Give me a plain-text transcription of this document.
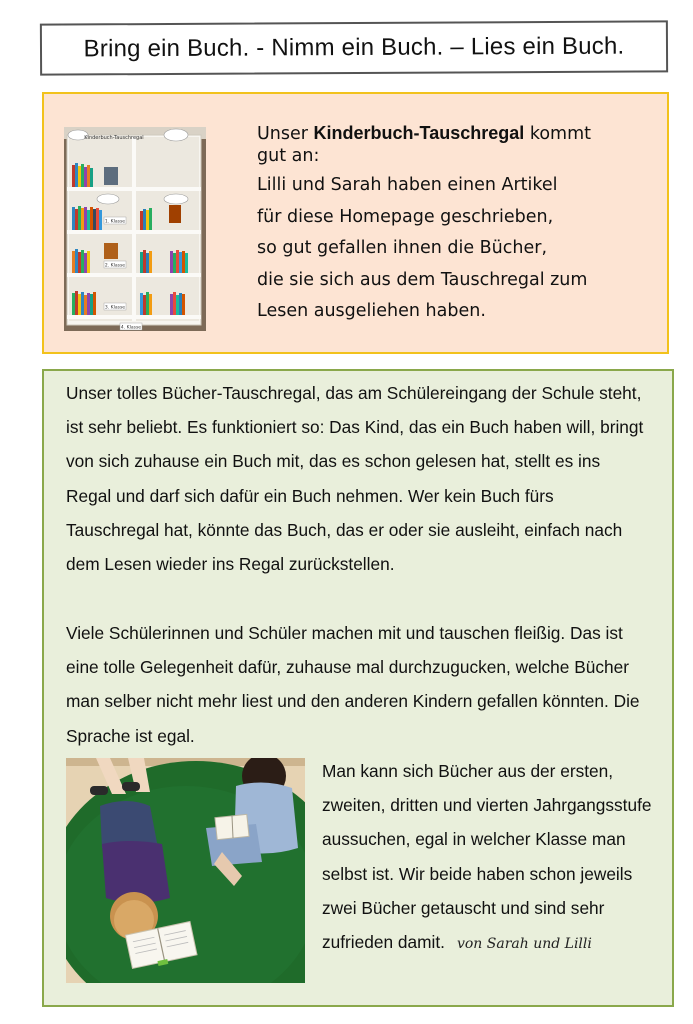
Bring ein Buch. - Nimm ein Buch. – Lies ein Buch.
Kinderbuch-Tauschregal
1. Klasse
2. Klasse
3. Klasse
4. Klasse
Unser Kinderbuch-Tauschregal kommt
gut an:
Lilli und Sarah haben einen Artikel
für diese Homepage geschrieben,
so gut gefallen ihnen die Bücher,
die sie sich aus dem Tauschregal zum
Lesen ausgeliehen haben.
Unser tolles Bücher-Tauschregal, das am Schülereingang der Schule steht, ist sehr beliebt. Es funktioniert so: Das Kind, das ein Buch haben will, bringt von sich zuhause ein Buch mit, das es schon gelesen hat, stellt es ins Regal und darf sich dafür ein Buch nehmen. Wer kein Buch fürs Tauschregal hat, könnte das Buch, das er oder sie ausleiht, einfach nach dem Lesen wieder ins Regal zurückstellen.
Viele Schülerinnen und Schüler machen mit und tauschen fleißig. Das ist eine tolle Gelegenheit dafür, zuhause mal durchzugucken, welche Bücher man selber nicht mehr liest und den anderen Kindern gefallen könnten. Die Sprache ist egal.
Man kann sich Bücher aus der ersten, zweiten, dritten und vierten Jahrgangsstufe aussuchen, egal in welcher Klasse man selbst ist. Wir beide haben schon jeweils zwei Bücher getauscht und sind sehr zufrieden damit. von Sarah und Lilli
